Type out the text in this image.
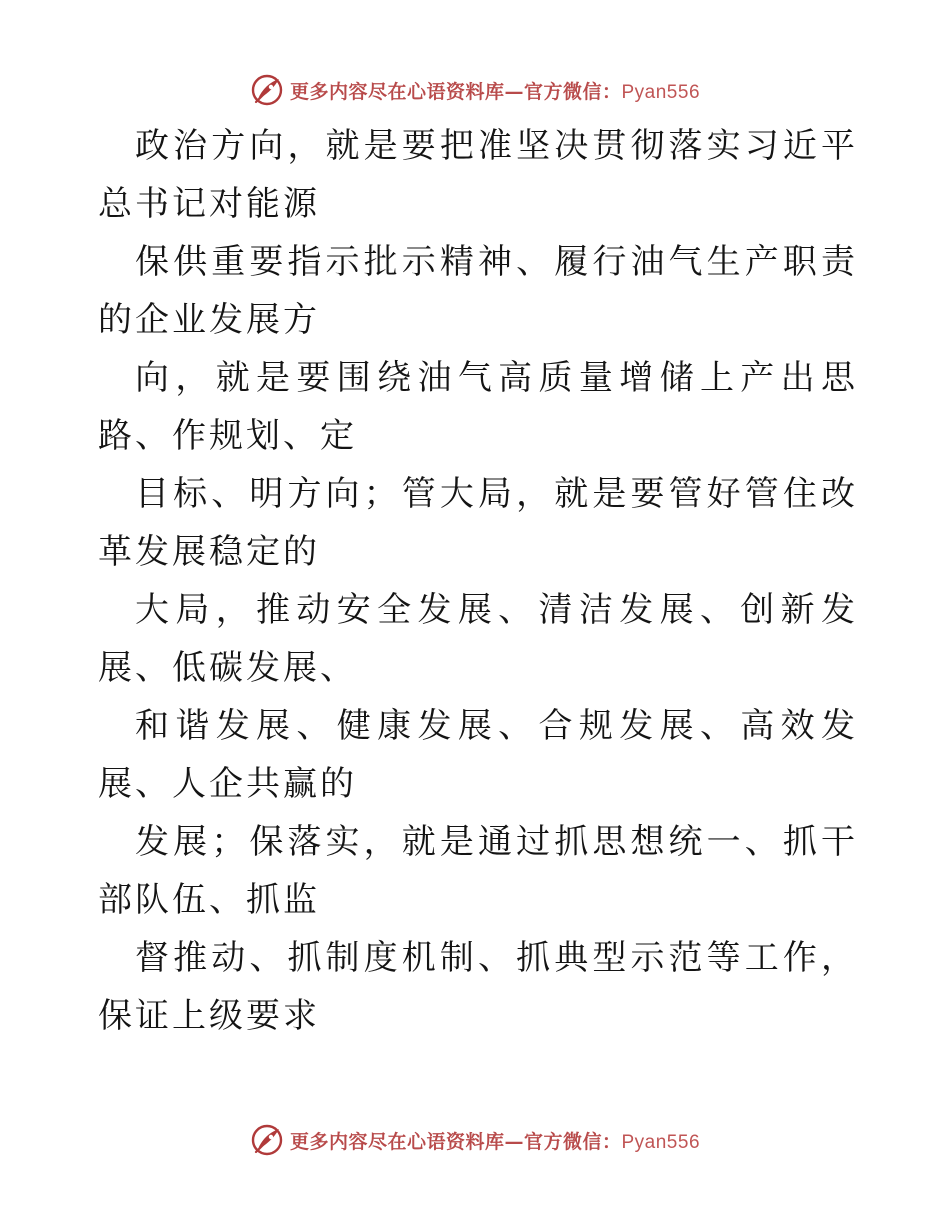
更多内容尽在心语资料库—官方微信：Pyan556

政治方向，就是要把准坚决贯彻落实习近平总书记对能源

保供重要指示批示精神、履行油气生产职责的企业发展方

向，就是要围绕油气高质量增储上产出思路、作规划、定

目标、明方向；管大局，就是要管好管住改革发展稳定的

大局，推动安全发展、清洁发展、创新发展、低碳发展、

和谐发展、健康发展、合规发展、高效发展、人企共赢的

发展；保落实，就是通过抓思想统一、抓干部队伍、抓监

督推动、抓制度机制、抓典型示范等工作，保证上级要求

更多内容尽在心语资料库—官方微信：Pyan556
